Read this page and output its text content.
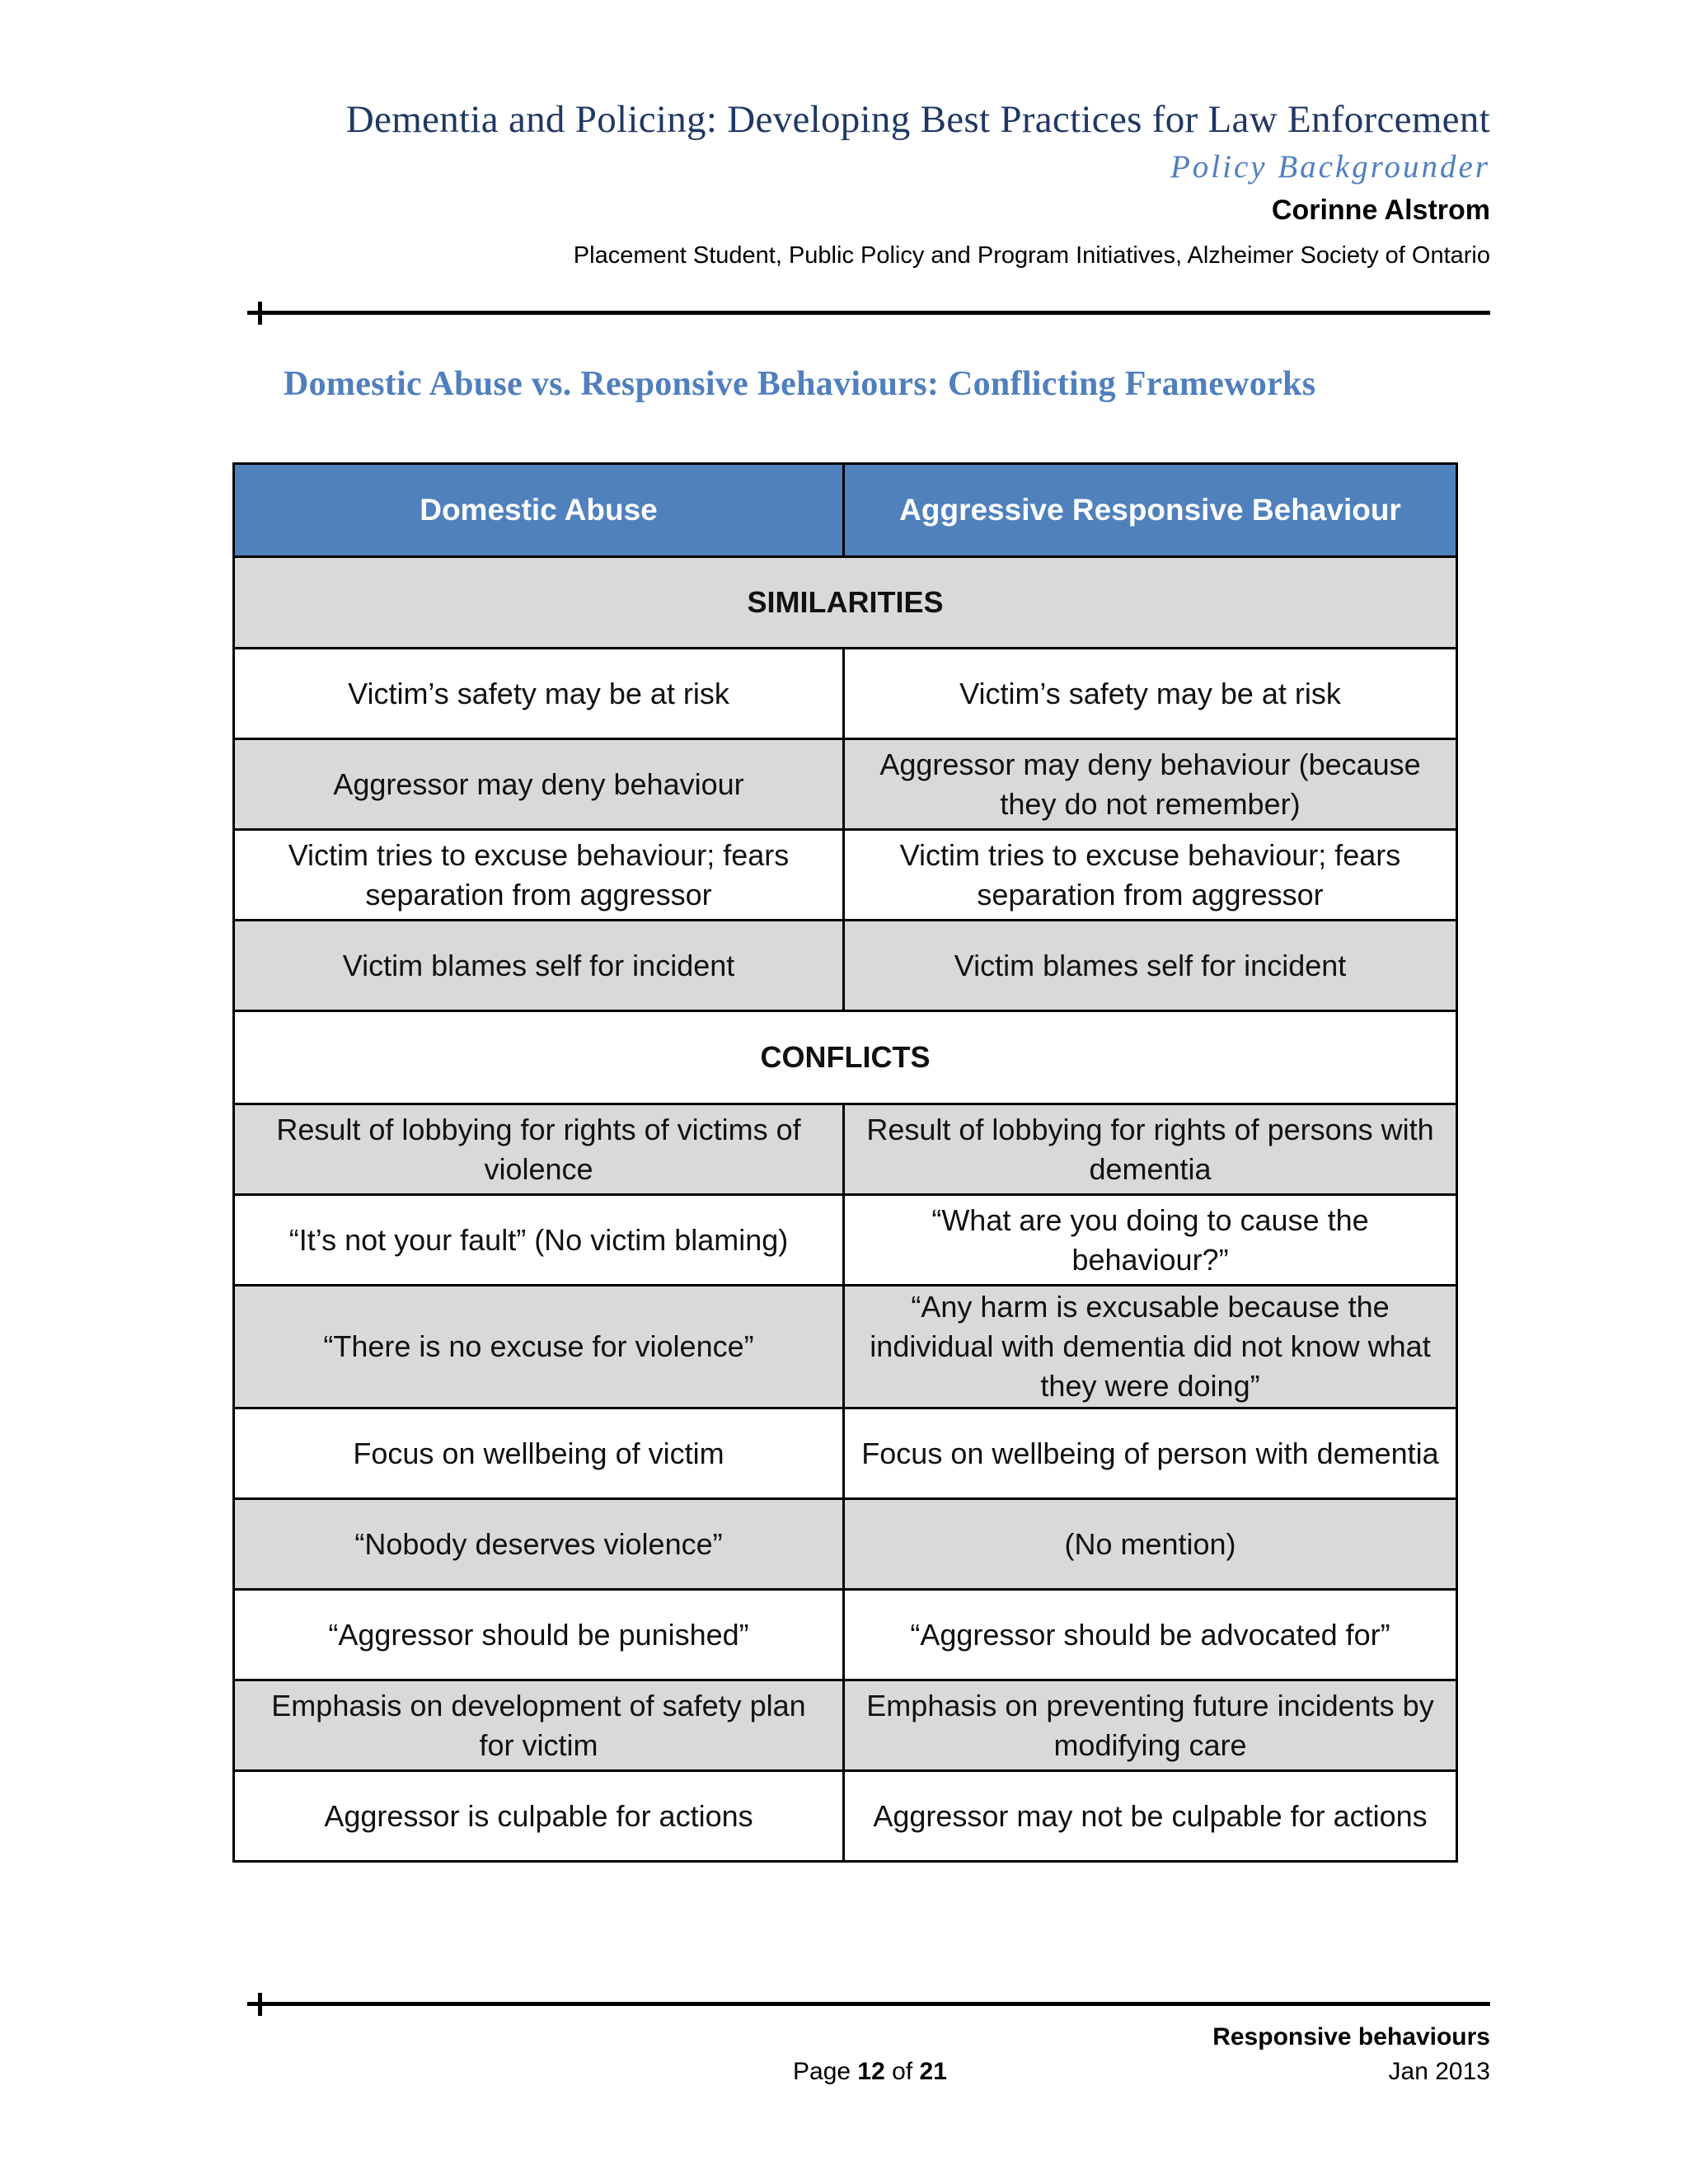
Dementia and Policing: Developing Best Practices for Law Enforcement
Policy Backgrounder
Corinne Alstrom
Placement Student, Public Policy and Program Initiatives, Alzheimer Society of Ontario
Domestic Abuse vs. Responsive Behaviours: Conflicting Frameworks
Domestic Abuse	Aggressive Responsive Behaviour
SIMILARITIES	
Victim’s safety may be at risk	Victim’s safety may be at risk
Aggressor may deny behaviour	Aggressor may deny behaviour (because they do not remember)
Victim tries to excuse behaviour; fears separation from aggressor	Victim tries to excuse behaviour; fears separation from aggressor
Victim blames self for incident	Victim blames self for incident
CONFLICTS	
Result of lobbying for rights of victims of violence	Result of lobbying for rights of persons with dementia
“It’s not your fault” (No victim blaming)	“What are you doing to cause the behaviour?”
“There is no excuse for violence”	“Any harm is excusable because the individual with dementia did not know what they were doing”
Focus on wellbeing of victim	Focus on wellbeing of person with dementia
“Nobody deserves violence”	(No mention)
“Aggressor should be punished”	“Aggressor should be advocated for”
Emphasis on development of safety plan for victim	Emphasis on preventing future incidents by modifying care
Aggressor is culpable for actions	Aggressor may not be culpable for actions
Responsive behaviours
Jan 2013
Page 12 of 21
